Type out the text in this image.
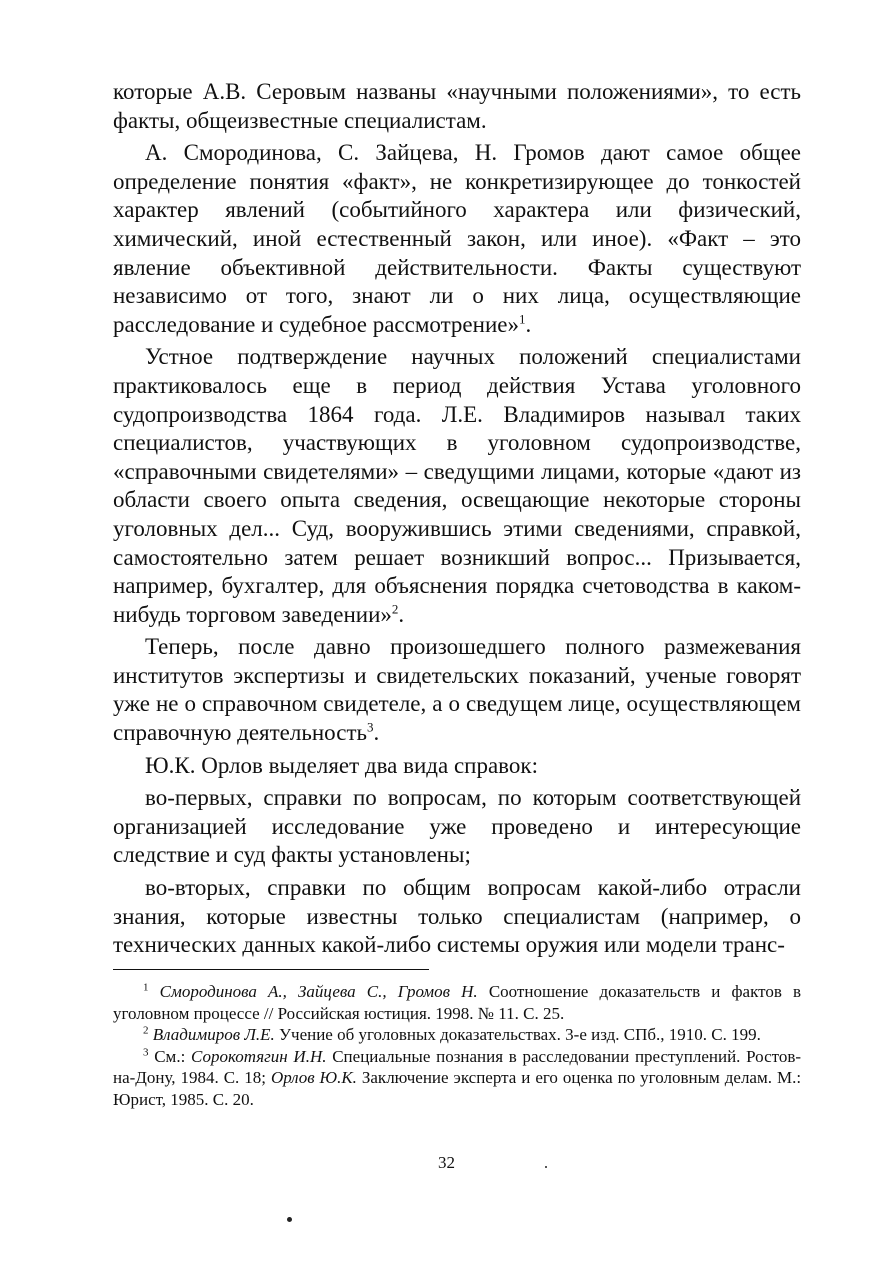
которые А.В. Серовым названы «научными положениями», то есть факты, общеизвестные специалистам.

А. Смородинова, С. Зайцева, Н. Громов дают самое общее определение понятия «факт», не конкретизирующее до тонкостей характер явлений (событийного характера или физический, химический, иной естественный закон, или иное). «Факт – это явление объективной действительности. Факты существуют независимо от того, знают ли о них лица, осуществляющие расследование и судебное рассмотрение»$^1$.

Устное подтверждение научных положений специалистами практиковалось еще в период действия Устава уголовного судопроизводства 1864 года. Л.Е. Владимиров называл таких специалистов, участвующих в уголовном судопроизводстве, «справочными свидетелями» – сведущими лицами, которые «дают из области своего опыта сведения, освещающие некоторые стороны уголовных дел... Суд, вооружившись этими сведениями, справкой, самостоятельно затем решает возникший вопрос... Призывается, например, бухгалтер, для объяснения порядка счетоводства в каком-нибудь торговом заведении»$^2$.

Теперь, после давно произошедшего полного размежевания институтов экспертизы и свидетельских показаний, ученые говорят уже не о справочном свидетеле, а о сведущем лице, осуществляющем справочную деятельность$^3$.

Ю.К. Орлов выделяет два вида справок:

во-первых, справки по вопросам, по которым соответствующей организацией исследование уже проведено и интересующие следствие и суд факты установлены;

во-вторых, справки по общим вопросам какой-либо отрасли знания, которые известны только специалистам (например, о технических данных какой-либо системы оружия или модели транс-

$^1$ Смородинова А., Зайцева С., Громов Н. Соотношение доказательств и фактов в уголовном процессе // Российская юстиция. 1998. № 11. С. 25.

$^2$ Владимиров Л.Е. Учение об уголовных доказательствах. 3-е изд. СПб., 1910. С. 199.

$^3$ См.: Сорокотягин И.Н. Специальные познания в расследовании преступлений. Ростов-на-Дону, 1984. С. 18; Орлов Ю.К. Заключение эксперта и его оценка по уголовным делам. М.: Юрист, 1985. С. 20.

32
